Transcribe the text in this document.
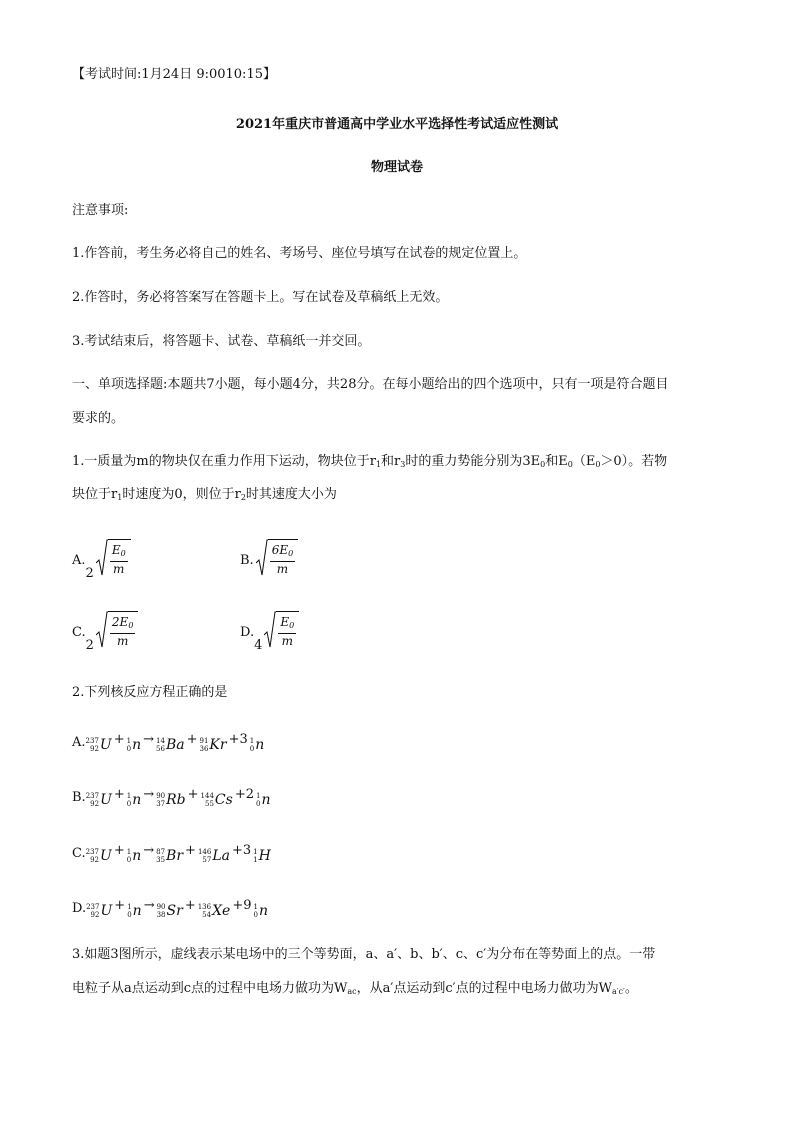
【考试时间:1月24日 9:0010:15】
2021年重庆市普通高中学业水平选择性考试适应性测试
物理试卷
注意事项:
1.作答前，考生务必将自己的姓名、考场号、座位号填写在试卷的规定位置上。
2.作答时，务必将答案写在答题卡上。写在试卷及草稿纸上无效。
3.考试结束后，将答题卡、试卷、草稿纸一并交回。
一、单项选择题:本题共7小题，每小题4分，共28分。在每小题给出的四个选项中，只有一项是符合题目
要求的。
1.一质量为m的物块仅在重力作用下运动，物块位于$r_1$和$r_3$时的重力势能分别为$3E_0$和$E_0(E_0>0)$。若物
块位于$r_1$时速度为0，则位于$r_2$时其速度大小为
A.
$2 \frac{E_0}{m}$	B. $\frac{6E_0}{m}$
C.
$2 \frac{2E_0}{m}$	D.
$4 \frac{E_0}{m}$
2.下列核反应方程正确的是
A. 237
92 U + 1
0 n → 14
56 Ba + 91
36 Kr +3 1
0 n
B. 237
92 U + 1
0 n → 90
37 Rb + 144
55 Cs +2 1
0 n
C. 237
92 U + 1
0 n → 87
35 Br + 146
57 La +3 1
1 H
D. 237
92 U + 1
0 n → 90
38 Sr + 136
54 Xe +9 1
0 n
3.如题3图所示，虚线表示某电场中的三个等势面，a、a′、b、b′、c、c′为分布在等势面上的点。一带
电粒子从a点运动到c点的过程中电场力做功为$W_{ac}$，从a′点运动到c′点的过程中电场力做功为$W_{a'c'}$。
